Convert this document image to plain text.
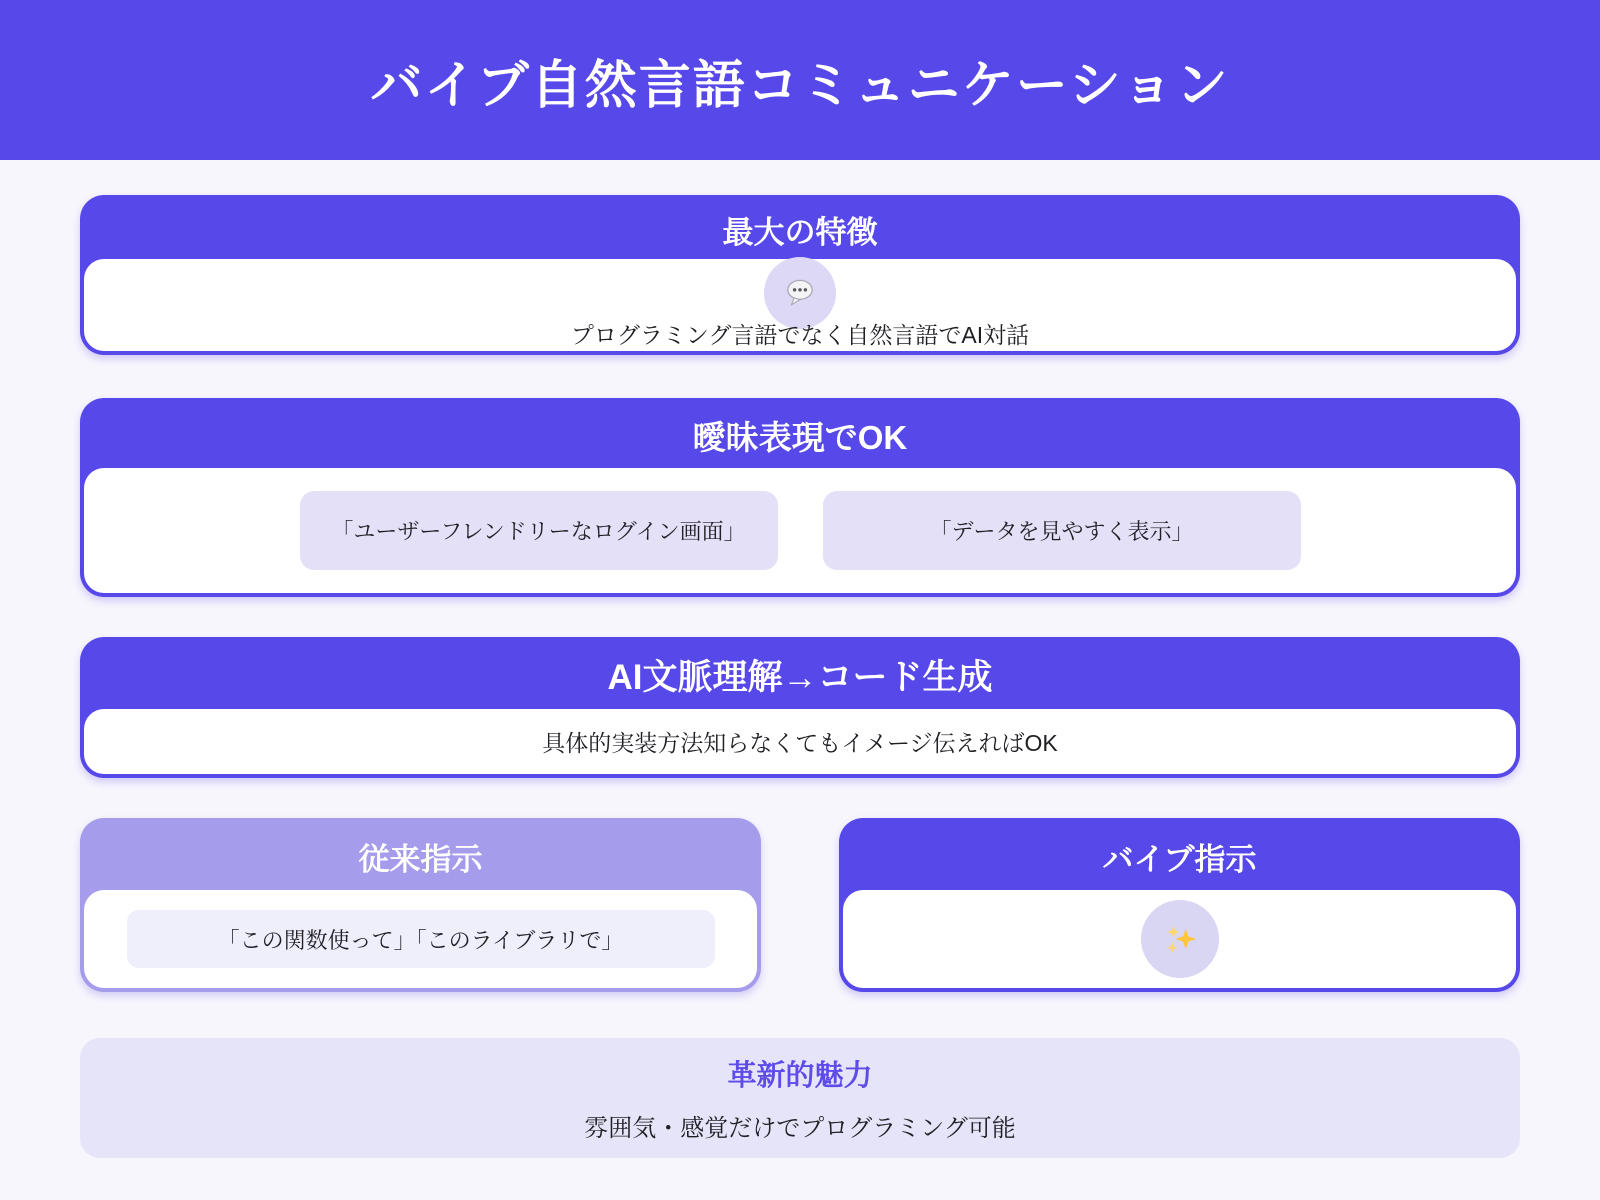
バイブ自然言語コミュニケーション
最大の特徴
プログラミング言語でなく自然言語でAI対話
曖昧表現でOK
「ユーザーフレンドリーなログイン画面」	「データを見やすく表示」
AI文脈理解→コード生成
具体的実装方法知らなくてもイメージ伝えればOK
従来指示
「この関数使って」「このライブラリで」
バイブ指示
革新的魅力
雰囲気・感覚だけでプログラミング可能
